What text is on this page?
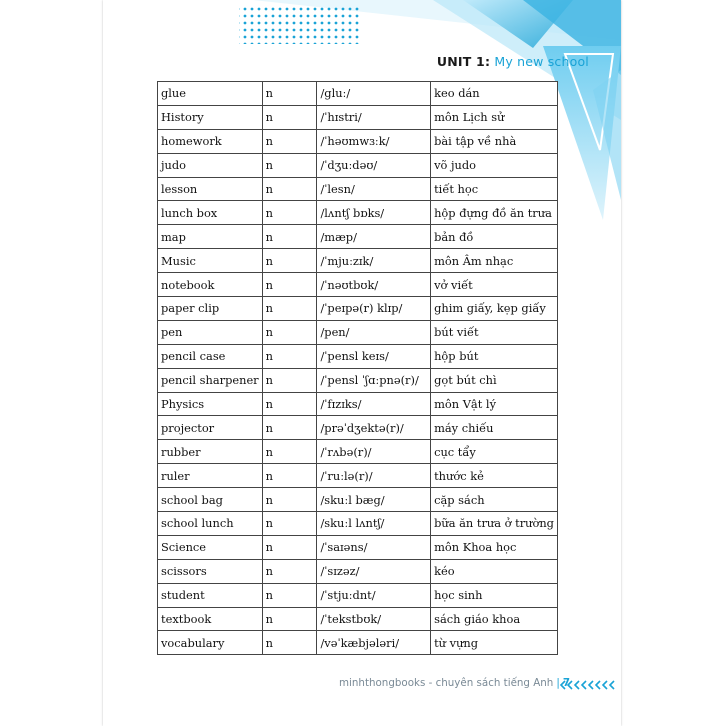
UNIT 1: My new school
glue	n	/gluː/	keo dán
History	n	/ˈhɪstri/	môn Lịch sử
homework	n	/ˈhəʊmwɜːk/	bài tập về nhà
judo	n	/ˈdʒuːdəʊ/	võ judo
lesson	n	/ˈlesn/	tiết học
lunch box	n	/lʌntʃ bɒks/	hộp đựng đồ ăn trưa
map	n	/mæp/	bản đồ
Music	n	/ˈmjuːzɪk/	môn Âm nhạc
notebook	n	/ˈnəʊtbʊk/	vở viết
paper clip	n	/ˈpeɪpə(r) klɪp/	ghim giấy, kẹp giấy
pen	n	/pen/	bút viết
pencil case	n	/ˈpensl keɪs/	hộp bút
pencil sharpener	n	/ˈpensl ˈʃɑːpnə(r)/	gọt bút chì
Physics	n	/ˈfɪzɪks/	môn Vật lý
projector	n	/prəˈdʒektə(r)/	máy chiếu
rubber	n	/ˈrʌbə(r)/	cục tẩy
ruler	n	/ˈruːlə(r)/	thước kẻ
school bag	n	/skuːl bæg/	cặp sách
school lunch	n	/skuːl lʌntʃ/	bữa ăn trưa ở trường
Science	n	/ˈsaɪəns/	môn Khoa học
scissors	n	/ˈsɪzəz/	kéo
student	n	/ˈstjuːdnt/	học sinh
textbook	n	/ˈtekstbʊk/	sách giáo khoa
vocabulary	n	/vəˈkæbjələri/	từ vựng
minhthongbooks - chuyên sách tiếng Anh | 7
